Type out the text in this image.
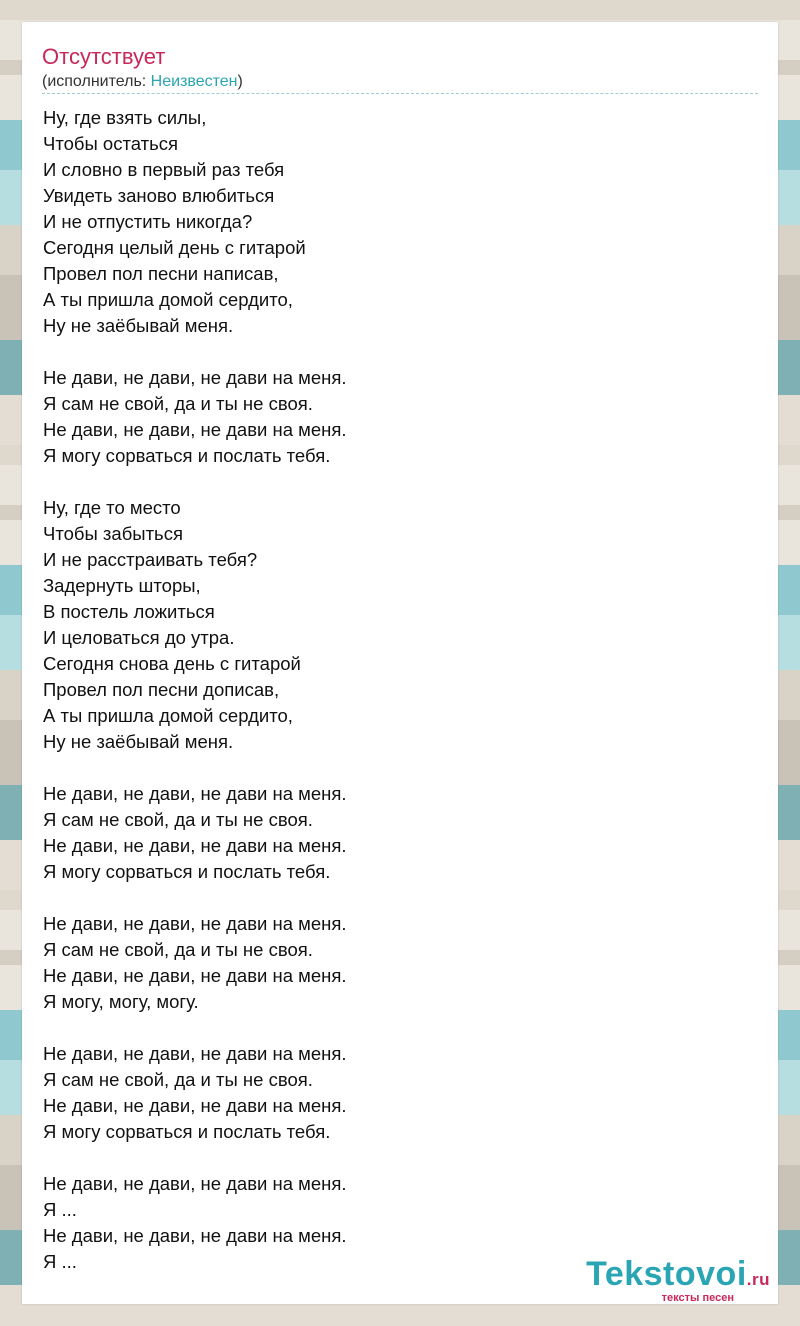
Отсутствует
(исполнитель: Неизвестен)
Ну, где взять силы,
Чтобы остаться
И словно в первый раз тебя
Увидеть заново влюбиться
И не отпустить никогда?
Сегодня целый день с гитарой
Провел пол песни написав,
А ты пришла домой сердито,
Ну не заёбывай меня.
Не дави, не дави, не дави на меня.
Я сам не свой, да и ты не своя.
Не дави, не дави, не дави на меня.
Я могу сорваться и послать тебя.
Ну, где то место
Чтобы забыться
И не расстраивать тебя?
Задернуть шторы,
В постель ложиться
И целоваться до утра.
Сегодня снова день с гитарой
Провел пол песни дописав,
А ты пришла домой сердито,
Ну не заёбывай меня.
Не дави, не дави, не дави на меня.
Я сам не свой, да и ты не своя.
Не дави, не дави, не дави на меня.
Я могу сорваться и послать тебя.
Не дави, не дави, не дави на меня.
Я сам не свой, да и ты не своя.
Не дави, не дави, не дави на меня.
Я могу, могу, могу.
Не дави, не дави, не дави на меня.
Я сам не свой, да и ты не своя.
Не дави, не дави, не дави на меня.
Я могу сорваться и послать тебя.
Не дави, не дави, не дави на меня.
Я ...
Не дави, не дави, не дави на меня.
Я ...	Tekstovoi.ru
тексты песен
